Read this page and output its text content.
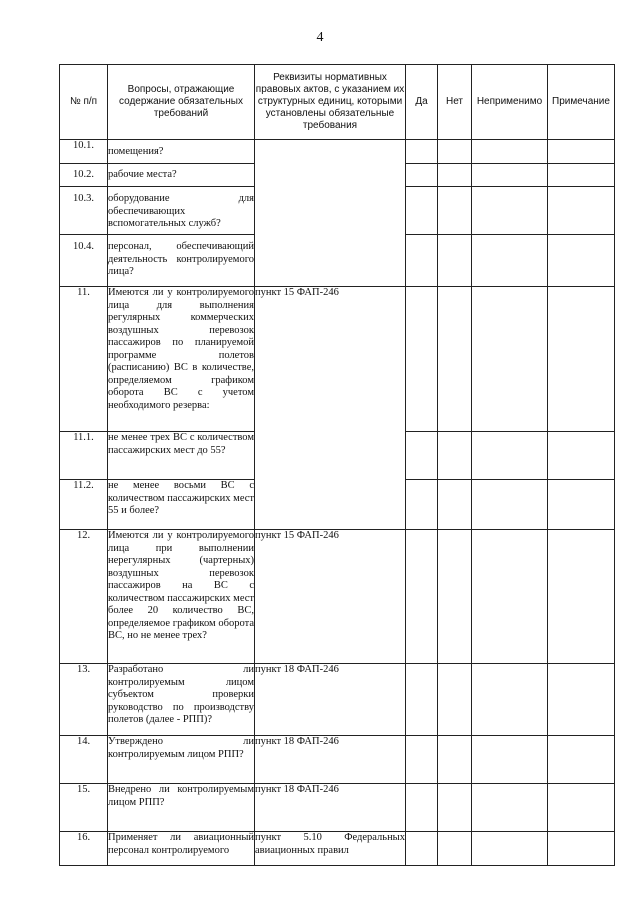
4
№ п/п	Вопросы, отражающие содержание обязательных требований	Реквизиты нормативных правовых актов, с указанием их структурных единиц, которыми установлены обязательные требования	Да	Нет	Неприменимо	Примечание
10.1.	помещения?					
10.2.	рабочие места?					
10.3.	оборудование для обеспечивающих вспомогательных служб?					
10.4.	персонал, обеспечивающий деятельность контролируемого лица?					
11.	Имеются ли у контролируемого лица для выполнения регулярных коммерческих воздушных перевозок пассажиров по планируемой программе полетов (расписанию) ВС в количестве, определяемом графиком оборота ВС с учетом необходимого резерва:	пункт 15 ФАП-246				
11.1.	не менее трех ВС с количеством пассажирских мест до 55?					
11.2.	не менее восьми ВС с количеством пассажирских мест 55 и более?					
12.	Имеются ли у контролируемого лица при выполнении нерегулярных (чартерных) воздушных перевозок пассажиров на ВС с количеством пассажирских мест более 20 количество ВС, определяемое графиком оборота ВС, но не менее трех?	пункт 15 ФАП-246				
13.	Разработано ли контролируемым лицом субъектом проверки руководство по производству полетов (далее - РПП)?	пункт 18 ФАП-246				
14.	Утверждено ли контролируемым лицом РПП?	пункт 18 ФАП-246				
15.	Внедрено ли контролируемым лицом РПП?	пункт 18 ФАП-246				
16.	Применяет ли авиационный персонал контролируемого	пункт 5.10 Федеральных авиационных правил				
